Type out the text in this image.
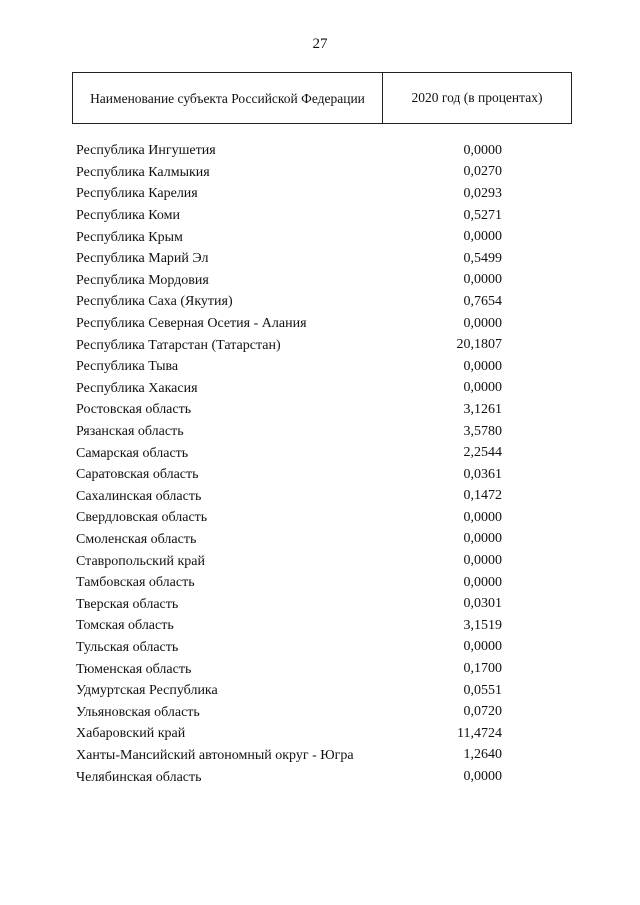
27
Наименование субъекта Российской Федерации	2020 год (в процентах)
Республика Ингушетия	0,0000
Республика Калмыкия	0,0270
Республика Карелия	0,0293
Республика Коми	0,5271
Республика Крым	0,0000
Республика Марий Эл	0,5499
Республика Мордовия	0,0000
Республика Саха (Якутия)	0,7654
Республика Северная Осетия - Алания	0,0000
Республика Татарстан (Татарстан)	20,1807
Республика Тыва	0,0000
Республика Хакасия	0,0000
Ростовская область	3,1261
Рязанская область	3,5780
Самарская область	2,2544
Саратовская область	0,0361
Сахалинская область	0,1472
Свердловская область	0,0000
Смоленская область	0,0000
Ставропольский край	0,0000
Тамбовская область	0,0000
Тверская область	0,0301
Томская область	3,1519
Тульская область	0,0000
Тюменская область	0,1700
Удмуртская Республика	0,0551
Ульяновская область	0,0720
Хабаровский край	11,4724
Ханты-Мансийский автономный округ - Югра	1,2640
Челябинская область	0,0000
